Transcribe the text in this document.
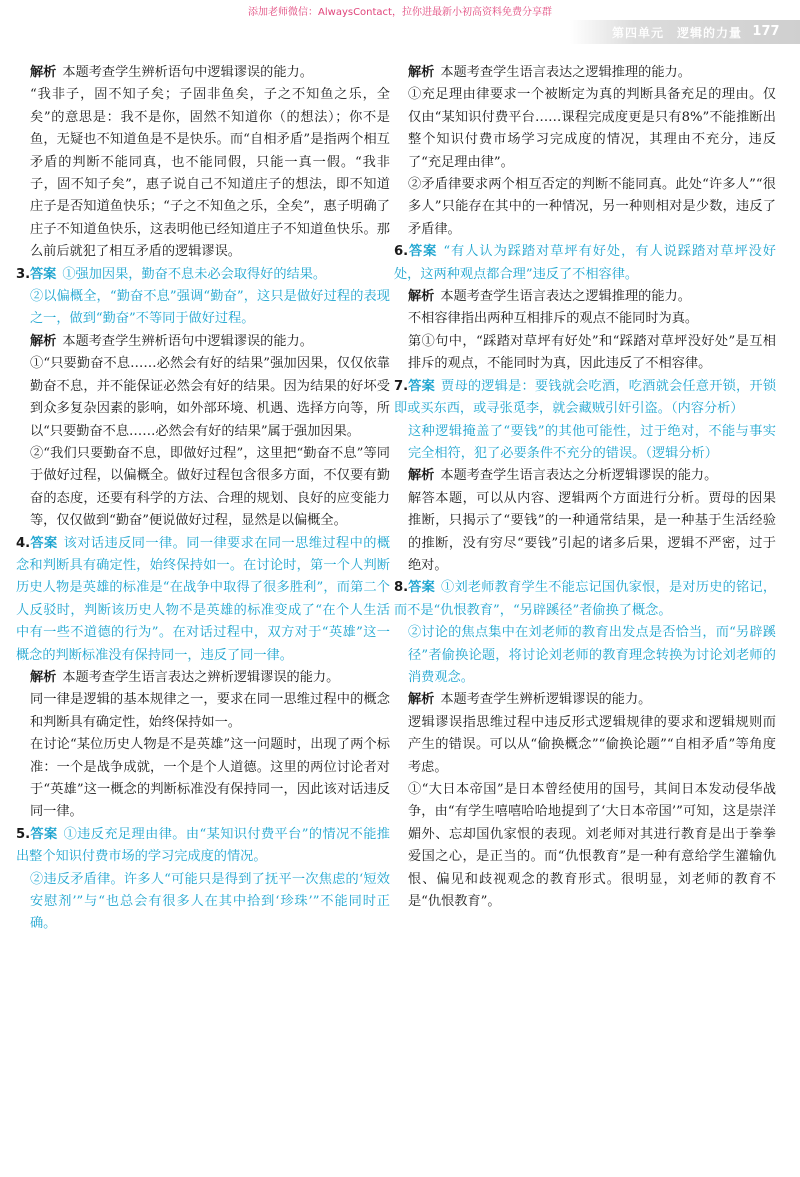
添加老师微信：AlwaysContact，拉你进最新小初高资料免费分享群
第四单元　逻辑的力量 177

解析 本题考查学生辨析语句中逻辑谬误的能力。

“我非子，固不知子矣；子固非鱼矣，子之不知鱼之乐，全矣”的意思是：我不是你，固然不知道你（的想法）；你不是鱼，无疑也不知道鱼是不是快乐。而“自相矛盾”是指两个相互矛盾的判断不能同真，也不能同假，只能一真一假。“我非子，固不知子矣”，惠子说自己不知道庄子的想法，即不知道庄子是否知道鱼快乐；“子之不知鱼之乐，全矣”，惠子明确了庄子不知道鱼快乐，这表明他已经知道庄子不知道鱼快乐。那么前后就犯了相互矛盾的逻辑谬误。

3.答案 ①强加因果，勤奋不息未必会取得好的结果。

②以偏概全，“勤奋不息”强调“勤奋”，这只是做好过程的表现之一，做到“勤奋”不等同于做好过程。

解析 本题考查学生辨析语句中逻辑谬误的能力。

①“只要勤奋不息……必然会有好的结果”强加因果，仅仅依靠勤奋不息，并不能保证必然会有好的结果。因为结果的好坏受到众多复杂因素的影响，如外部环境、机遇、选择方向等，所以“只要勤奋不息……必然会有好的结果”属于强加因果。

②“我们只要勤奋不息，即做好过程”，这里把“勤奋不息”等同于做好过程，以偏概全。做好过程包含很多方面，不仅要有勤奋的态度，还要有科学的方法、合理的规划、良好的应变能力等，仅仅做到“勤奋”便说做好过程，显然是以偏概全。

4.答案 该对话违反同一律。同一律要求在同一思维过程中的概念和判断具有确定性，始终保持如一。在讨论时，第一个人判断历史人物是英雄的标准是“在战争中取得了很多胜利”，而第二个人反驳时，判断该历史人物不是英雄的标准变成了“在个人生活中有一些不道德的行为”。在对话过程中，双方对于“英雄”这一概念的判断标准没有保持同一，违反了同一律。

解析 本题考查学生语言表达之辨析逻辑谬误的能力。

同一律是逻辑的基本规律之一，要求在同一思维过程中的概念和判断具有确定性，始终保持如一。

在讨论“某位历史人物是不是英雄”这一问题时，出现了两个标准：一个是战争成就，一个是个人道德。这里的两位讨论者对于“英雄”这一概念的判断标准没有保持同一，因此该对话违反同一律。

5.答案 ①违反充足理由律。由“某知识付费平台”的情况不能推出整个知识付费市场的学习完成度的情况。

②违反矛盾律。许多人“可能只是得到了抚平一次焦虑的‘短效安慰剂’”与“也总会有很多人在其中拾到‘珍珠’”不能同时正确。

解析 本题考查学生语言表达之逻辑推理的能力。

①充足理由律要求一个被断定为真的判断具备充足的理由。仅仅由“某知识付费平台……课程完成度更是只有8%”不能推断出整个知识付费市场学习完成度的情况，其理由不充分，违反了“充足理由律”。

②矛盾律要求两个相互否定的判断不能同真。此处“许多人”“很多人”只能存在其中的一种情况，另一种则相对是少数，违反了矛盾律。

6.答案 “有人认为踩踏对草坪有好处，有人说踩踏对草坪没好处，这两种观点都合理”违反了不相容律。

解析 本题考查学生语言表达之逻辑推理的能力。

不相容律指出两种互相排斥的观点不能同时为真。

第①句中，“踩踏对草坪有好处”和“踩踏对草坪没好处”是互相排斥的观点，不能同时为真，因此违反了不相容律。

7.答案 贾母的逻辑是：要钱就会吃酒，吃酒就会任意开锁，开锁即或买东西，或寻张觅李，就会藏贼引奸引盗。（内容分析）

这种逻辑掩盖了“要钱”的其他可能性，过于绝对，不能与事实完全相符，犯了必要条件不充分的错误。（逻辑分析）

解析 本题考查学生语言表达之分析逻辑谬误的能力。

解答本题，可以从内容、逻辑两个方面进行分析。贾母的因果推断，只揭示了“要钱”的一种通常结果，是一种基于生活经验的推断，没有穷尽“要钱”引起的诸多后果，逻辑不严密，过于绝对。

8.答案 ①刘老师教育学生不能忘记国仇家恨，是对历史的铭记，而不是“仇恨教育”，“另辟蹊径”者偷换了概念。

②讨论的焦点集中在刘老师的教育出发点是否恰当，而“另辟蹊径”者偷换论题，将讨论刘老师的教育理念转换为讨论刘老师的消费观念。

解析 本题考查学生辨析逻辑谬误的能力。

逻辑谬误指思维过程中违反形式逻辑规律的要求和逻辑规则而产生的错误。可以从“偷换概念”“偷换论题”“自相矛盾”等角度考虑。

①“大日本帝国”是日本曾经使用的国号，其间日本发动侵华战争，由“有学生嘻嘻哈哈地提到了‘大日本帝国’”可知，这是崇洋媚外、忘却国仇家恨的表现。刘老师对其进行教育是出于拳拳爱国之心，是正当的。而“仇恨教育”是一种有意给学生灌输仇恨、偏见和歧视观念的教育形式。很明显，刘老师的教育不是“仇恨教育”。
